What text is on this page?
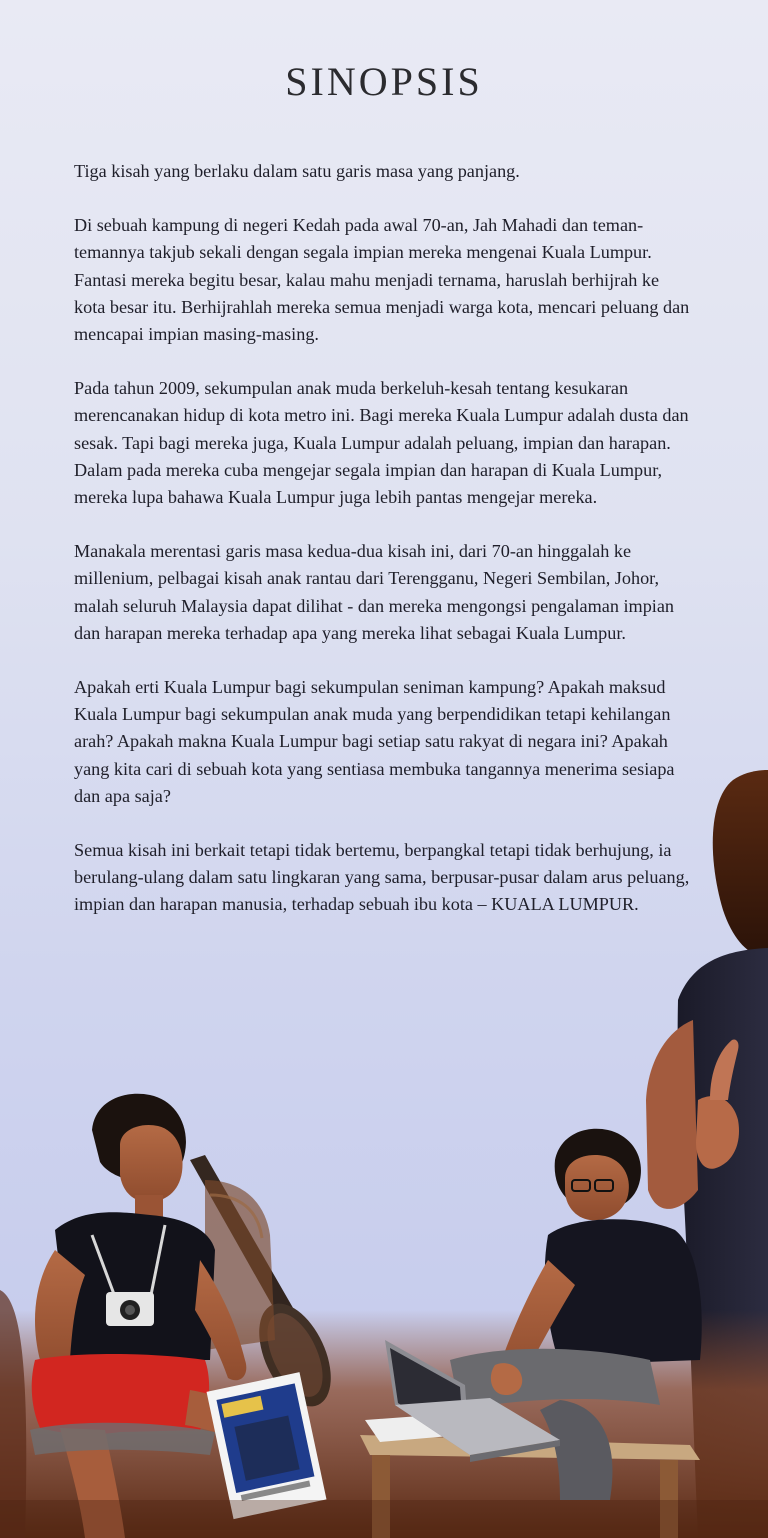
SINOPSIS

Tiga kisah yang berlaku dalam satu garis masa yang panjang.

Di sebuah kampung di negeri Kedah pada awal 70-an, Jah Mahadi dan teman-temannya takjub sekali dengan segala impian mereka mengenai Kuala Lumpur. Fantasi mereka begitu besar, kalau mahu menjadi ternama, haruslah berhijrah ke kota besar itu. Berhijrahlah mereka semua menjadi warga kota, mencari peluang dan mencapai impian masing-masing.

Pada tahun 2009, sekumpulan anak muda berkeluh-kesah tentang kesukaran merencanakan hidup di kota metro ini. Bagi mereka Kuala Lumpur adalah dusta dan sesak. Tapi bagi mereka juga, Kuala Lumpur adalah peluang, impian dan harapan. Dalam pada mereka cuba mengejar segala impian dan harapan di Kuala Lumpur, mereka lupa bahawa Kuala Lumpur juga lebih pantas mengejar mereka.

Manakala merentasi garis masa kedua-dua kisah ini, dari 70-an hinggalah ke millenium, pelbagai kisah anak rantau dari Terengganu, Negeri Sembilan, Johor, malah seluruh Malaysia dapat dilihat - dan mereka mengongsi pengalaman impian dan harapan mereka terhadap apa yang mereka lihat sebagai Kuala Lumpur.

Apakah erti Kuala Lumpur bagi sekumpulan seniman kampung? Apakah maksud Kuala Lumpur bagi sekumpulan anak muda yang berpendidikan tetapi kehilangan arah? Apakah makna Kuala Lumpur bagi setiap satu rakyat di negara ini? Apakah yang kita cari di sebuah kota yang sentiasa membuka tangannya menerima sesiapa dan apa saja?

Semua kisah ini berkait tetapi tidak bertemu, berpangkal tetapi tidak berhujung, ia berulang-ulang dalam satu lingkaran yang sama, berpusar-pusar dalam arus peluang, impian dan harapan manusia, terhadap sebuah ibu kota – KUALA LUMPUR.
